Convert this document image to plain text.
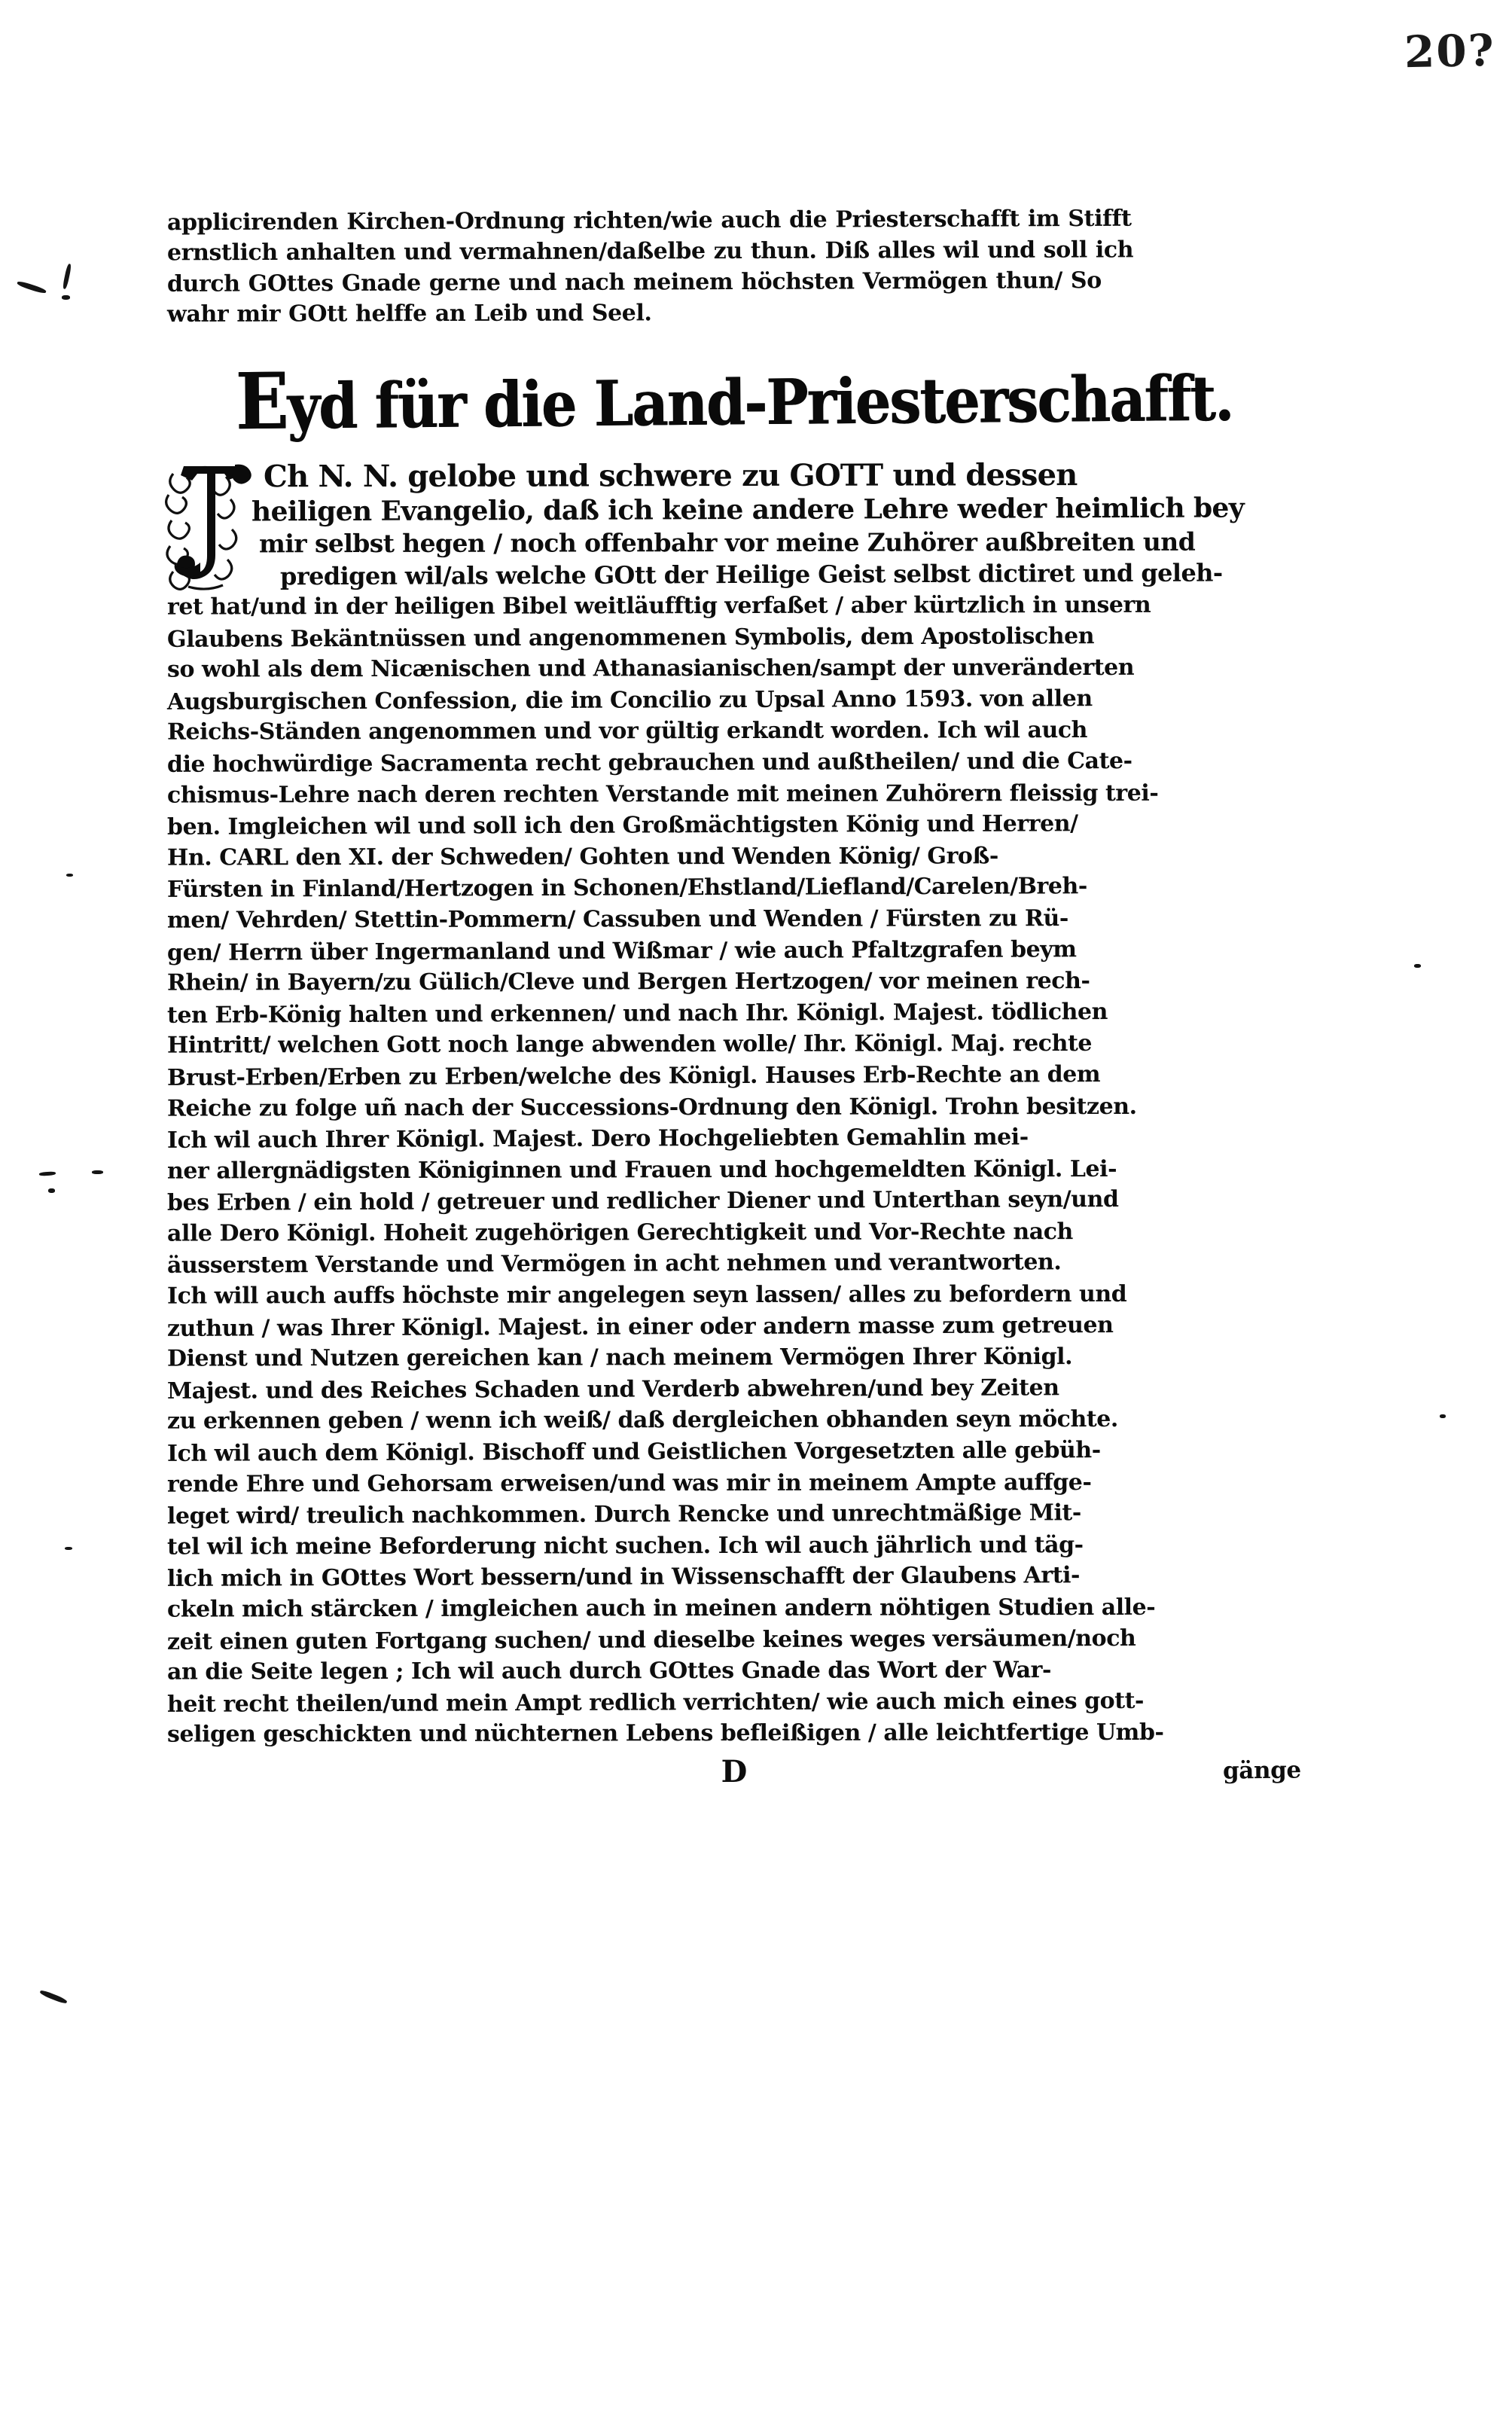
20?
applicirenden Kirchen-Ordnung richten/wie auch die Priesterschafft im Stifft
ernstlich anhalten und vermahnen/daßelbe zu thun. Diß alles wil und soll ich
durch GOttes Gnade gerne und nach meinem höchsten Vermögen thun/ So
wahr mir GOtt helffe an Leib und Seel.
Eyd für die Land-Priesterschafft.
Ch N. N. gelobe und schwere zu GOTT und dessen
heiligen Evangelio, daß ich keine andere Lehre weder heimlich bey
mir selbst hegen / noch offenbahr vor meine Zuhörer außbreiten und
predigen wil/als welche GOtt der Heilige Geist selbst dictiret und geleh-
ret hat/und in der heiligen Bibel weitläufftig verfaßet / aber kürtzlich in unsern
Glaubens Bekäntnüssen und angenommenen Symbolis, dem Apostolischen
so wohl als dem Nicænischen und Athanasianischen/sampt der unveränderten
Augsburgischen Confession, die im Concilio zu Upsal Anno 1593. von allen
Reichs-Ständen angenommen und vor gültig erkandt worden. Ich wil auch
die hochwürdige Sacramenta recht gebrauchen und außtheilen/ und die Cate-
chismus-Lehre nach deren rechten Verstande mit meinen Zuhörern fleissig trei-
ben. Imgleichen wil und soll ich den Großmächtigsten König und Herren/
Hn. CARL den XI. der Schweden/ Gohten und Wenden König/ Groß-
Fürsten in Finland/Hertzogen in Schonen/Ehstland/Liefland/Carelen/Breh-
men/ Vehrden/ Stettin-Pommern/ Cassuben und Wenden / Fürsten zu Rü-
gen/ Herrn über Ingermanland und Wißmar / wie auch Pfaltzgrafen beym
Rhein/ in Bayern/zu Gülich/Cleve und Bergen Hertzogen/ vor meinen rech-
ten Erb-König halten und erkennen/ und nach Ihr. Königl. Majest. tödlichen
Hintritt/ welchen Gott noch lange abwenden wolle/ Ihr. Königl. Maj. rechte
Brust-Erben/Erben zu Erben/welche des Königl. Hauses Erb-Rechte an dem
Reiche zu folge uñ nach der Successions-Ordnung den Königl. Trohn besitzen.
Ich wil auch Ihrer Königl. Majest. Dero Hochgeliebten Gemahlin mei-
ner allergnädigsten Königinnen und Frauen und hochgemeldten Königl. Lei-
bes Erben / ein hold / getreuer und redlicher Diener und Unterthan seyn/und
alle Dero Königl. Hoheit zugehörigen Gerechtigkeit und Vor-Rechte nach
äusserstem Verstande und Vermögen in acht nehmen und verantworten.
Ich will auch auffs höchste mir angelegen seyn lassen/ alles zu befordern und
zuthun / was Ihrer Königl. Majest. in einer oder andern masse zum getreuen
Dienst und Nutzen gereichen kan / nach meinem Vermögen Ihrer Königl.
Majest. und des Reiches Schaden und Verderb abwehren/und bey Zeiten
zu erkennen geben / wenn ich weiß/ daß dergleichen obhanden seyn möchte.
Ich wil auch dem Königl. Bischoff und Geistlichen Vorgesetzten alle gebüh-
rende Ehre und Gehorsam erweisen/und was mir in meinem Ampte auffge-
leget wird/ treulich nachkommen. Durch Rencke und unrechtmäßige Mit-
tel wil ich meine Beforderung nicht suchen. Ich wil auch jährlich und täg-
lich mich in GOttes Wort bessern/und in Wissenschafft der Glaubens Arti-
ckeln mich stärcken / imgleichen auch in meinen andern nöhtigen Studien alle-
zeit einen guten Fortgang suchen/ und dieselbe keines weges versäumen/noch
an die Seite legen ; Ich wil auch durch GOttes Gnade das Wort der War-
heit recht theilen/und mein Ampt redlich verrichten/ wie auch mich eines gott-
seligen geschickten und nüchternen Lebens befleißigen / alle leichtfertige Umb-
D	gänge
